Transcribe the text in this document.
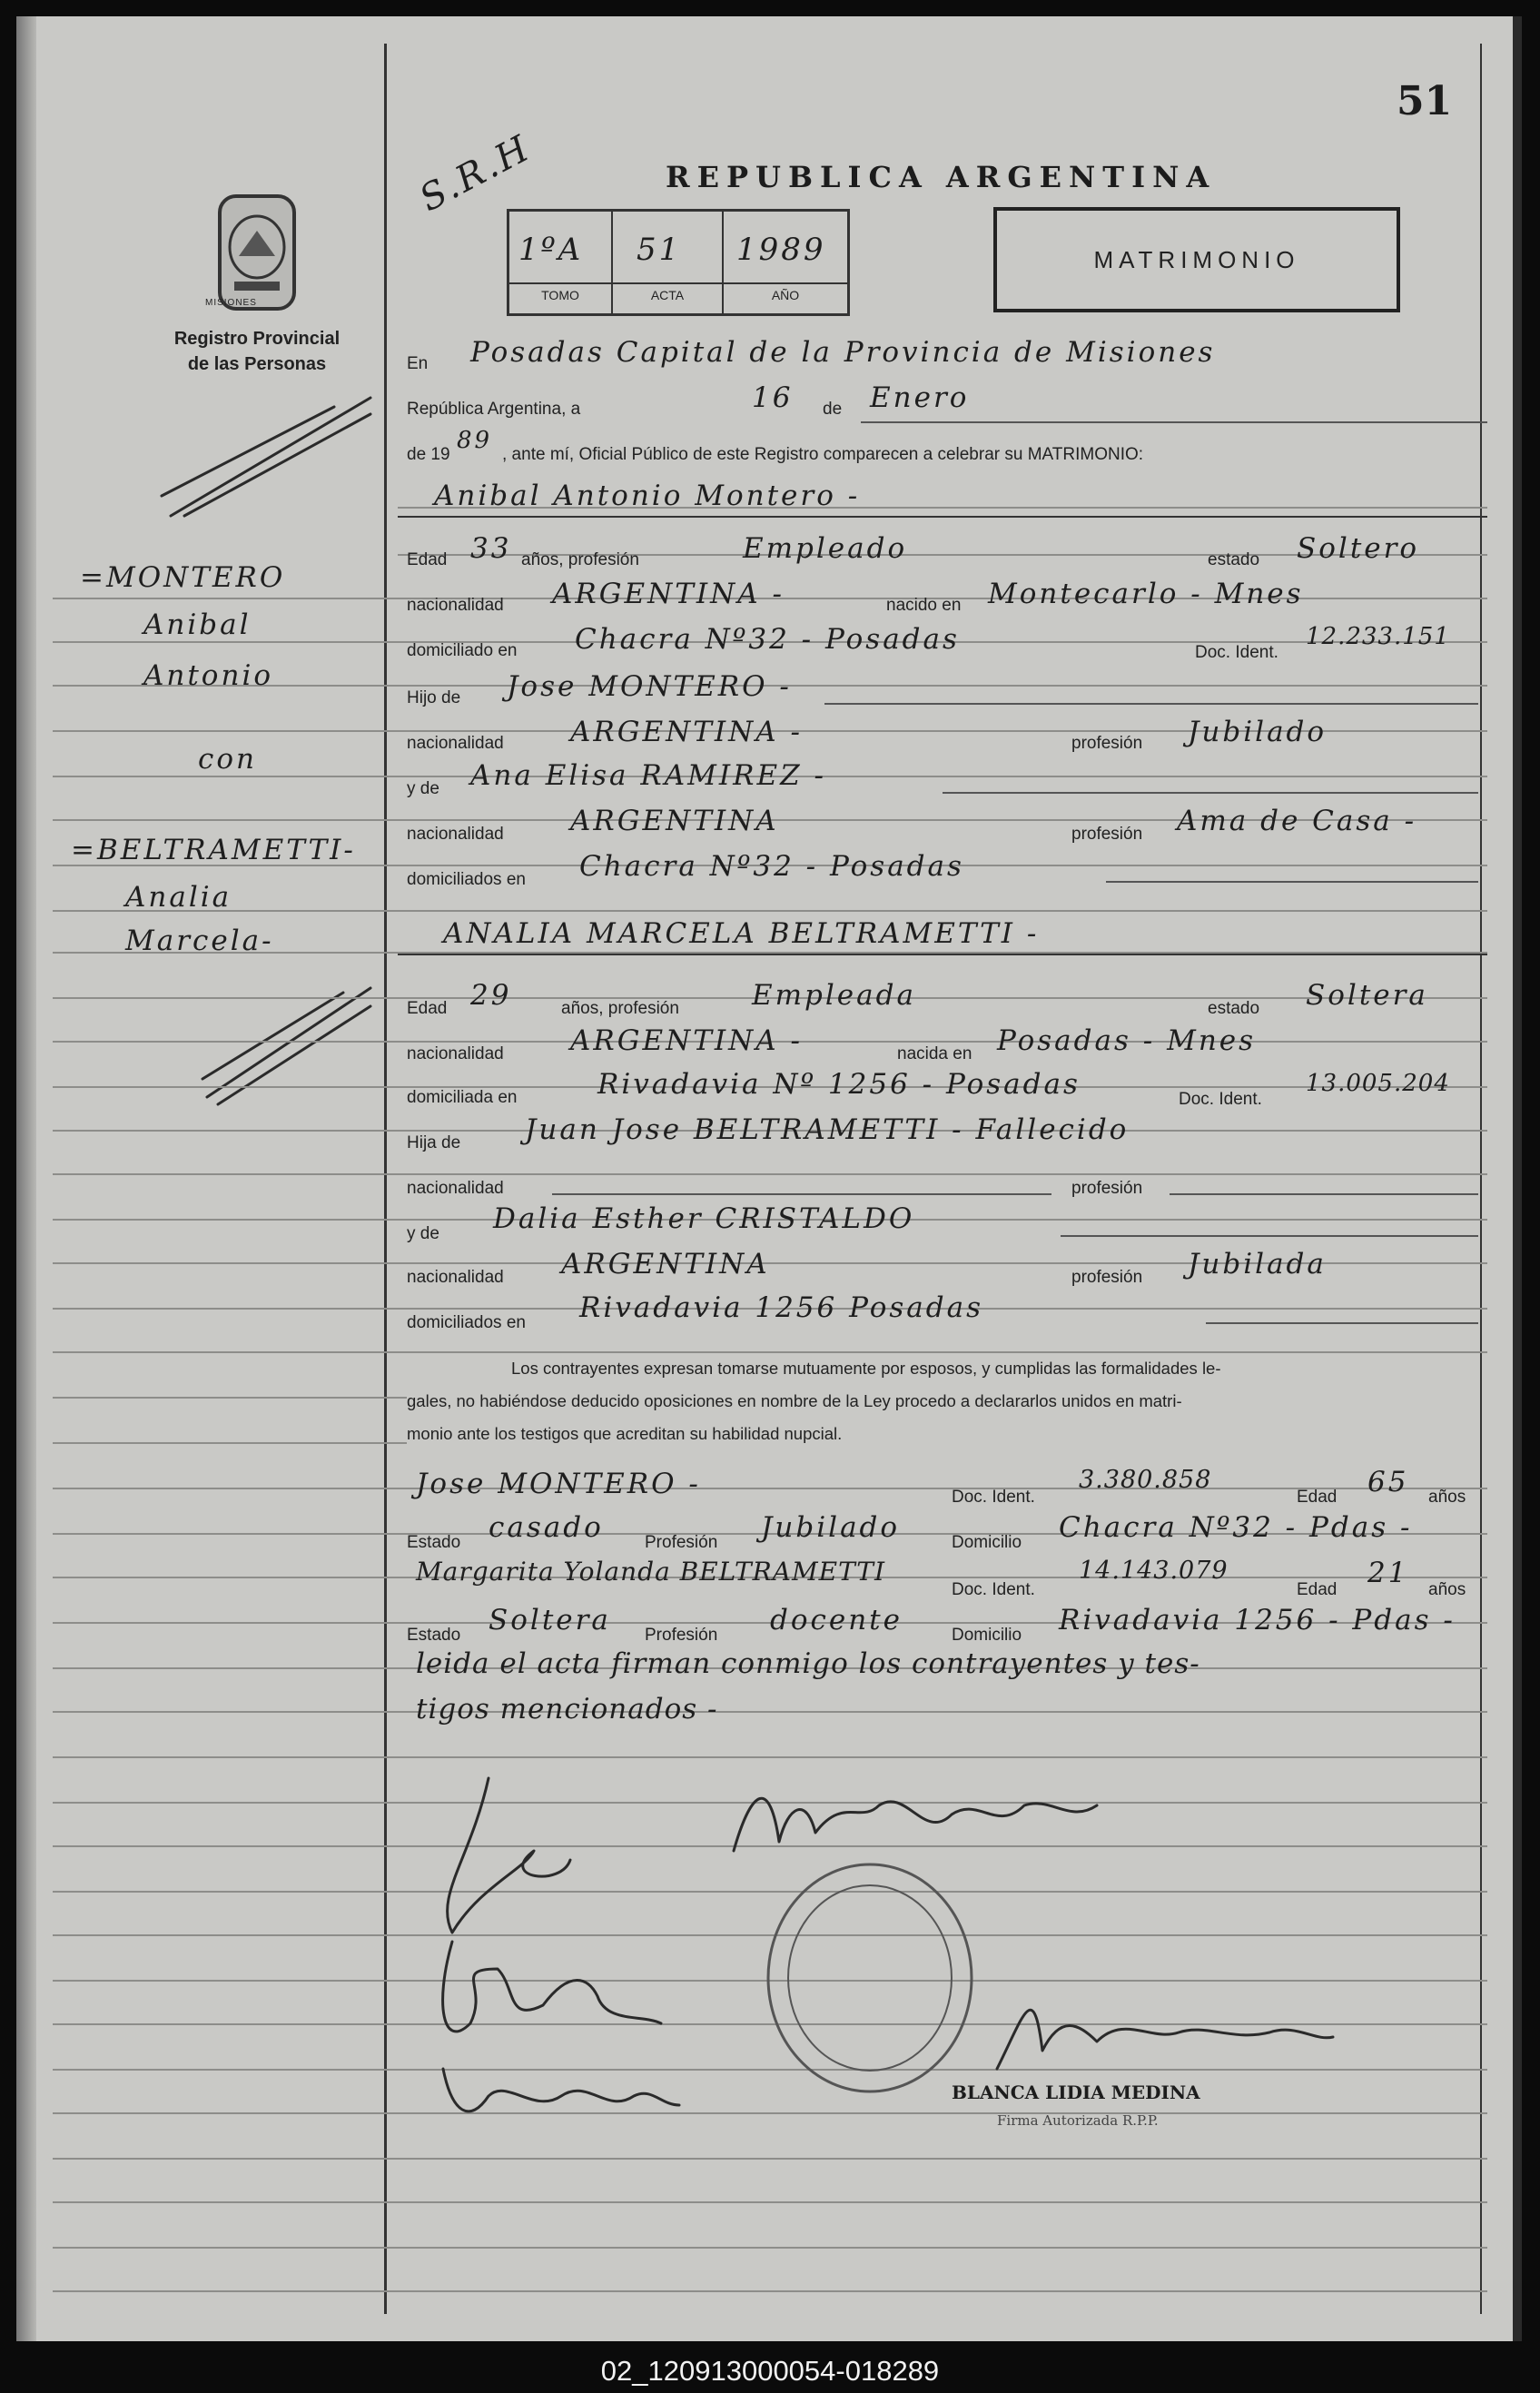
51
S.R.H	REPUBLICA ARGENTINA
MISIONES
Registro Provincial
de las Personas
1ºA 51 1989
TOMO	ACTA	AÑO
MATRIMONIO
=MONTERO
Anibal
Antonio
con
=BELTRAMETTI-
Analia
Marcela-
En Posadas Capital de la Provincia de Misiones
República Argentina, a	16 de Enero
de 19
89
, ante mí, Oficial Público de este Registro comparecen a celebrar su MATRIMONIO:
Anibal Antonio Montero -
Edad 33 años, profesión	Empleado	estado Soltero
nacionalidad ARGENTINA -	nacido en Montecarlo - Mnes
domiciliado en Chacra Nº32 - Posadas	Doc. Ident.
12.233.151
Hijo de Jose MONTERO -
nacionalidad ARGENTINA -	profesión Jubilado
y de Ana Elisa RAMIREZ -
nacionalidad ARGENTINA	profesión Ama de Casa -
domiciliados en Chacra Nº32 - Posadas
ANALIA MARCELA BELTRAMETTI -
Edad 29	años, profesión	Empleada	estado Soltera
nacionalidad ARGENTINA -	nacida en Posadas - Mnes
domiciliada en	Rivadavia Nº 1256 - Posadas	Doc. Ident.
13.005.204
Hija de Juan Jose BELTRAMETTI - Fallecido
nacionalidad	profesión
y de Dalia Esther CRISTALDO
nacionalidad ARGENTINA	profesión Jubilada
domiciliados en Rivadavia 1256 Posadas
Los contrayentes expresan tomarse mutuamente por esposos, y cumplidas las formalidades le-
gales, no habiéndose deducido oposiciones en nombre de la Ley procedo a declararlos unidos en matri-
monio ante los testigos que acreditan su habilidad nupcial.
Jose MONTERO -	Doc. Ident.
3.380.858
Edad 65 años
Estado casado Profesión Jubilado	Domicilio Chacra Nº32 - Pdas -
Margarita Yolanda BELTRAMETTI
Doc. Ident.
14.143.079
Edad
21
años
Estado Soltera Profesión docente	Domicilio Rivadavia 1256 - Pdas -
leida el acta firman conmigo los contrayentes y tes-
tigos mencionados -
BLANCA LIDIA MEDINA
Firma Autorizada R.P.P.
02_120913000054-018289
